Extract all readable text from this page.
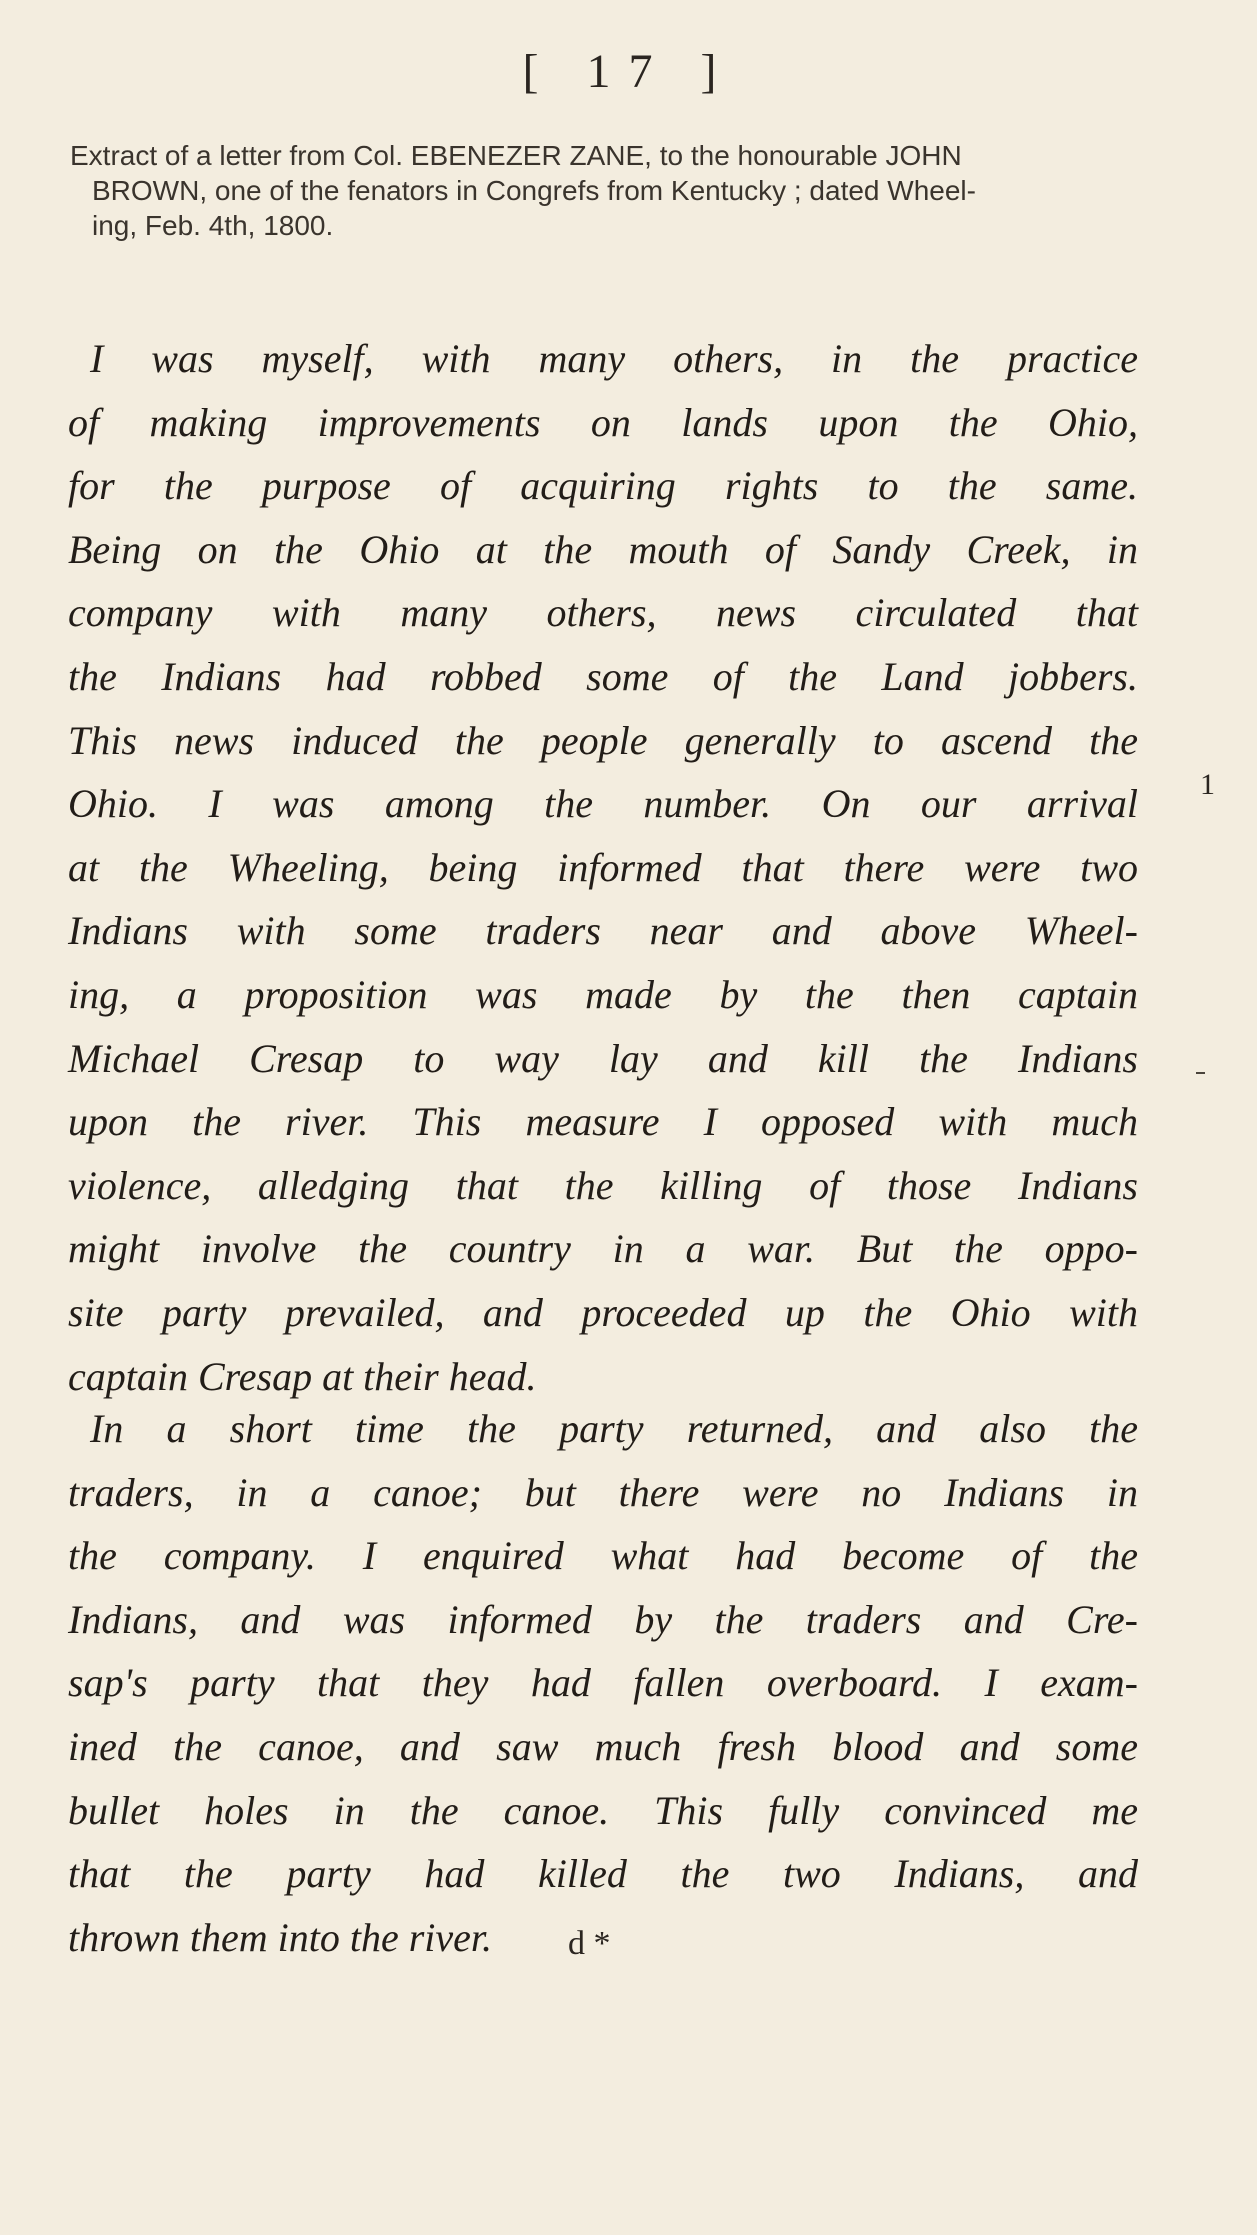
[ 17 ]
Extract of a letter from Col. EBENEZER ZANE, to the honourable JOHN
BROWN, one of the fenators in Congrefs from Kentucky ; dated Wheel-
ing, Feb. 4th, 1800.
I was myself, with many others, in the practice
of making improvements on lands upon the Ohio,
for the purpose of acquiring rights to the same.
Being on the Ohio at the mouth of Sandy Creek, in
company with many others, news circulated that
the Indians had robbed some of the Land jobbers.
This news induced the people generally to ascend the
Ohio. I was among the number. On our arrival
at the Wheeling, being informed that there were two
Indians with some traders near and above Wheel-
ing, a proposition was made by the then captain
Michael Cresap to way lay and kill the Indians
upon the river. This measure I opposed with much
violence, alledging that the killing of those Indians
might involve the country in a war. But the oppo-
site party prevailed, and proceeded up the Ohio with
captain Cresap at their head.
In a short time the party returned, and also the
traders, in a canoe; but there were no Indians in
the company. I enquired what had become of the
Indians, and was informed by the traders and Cre-
sap's party that they had fallen overboard. I exam-
ined the canoe, and saw much fresh blood and some
bullet holes in the canoe. This fully convinced me
that the party had killed the two Indians, and
thrown them into the river.	d *
1
